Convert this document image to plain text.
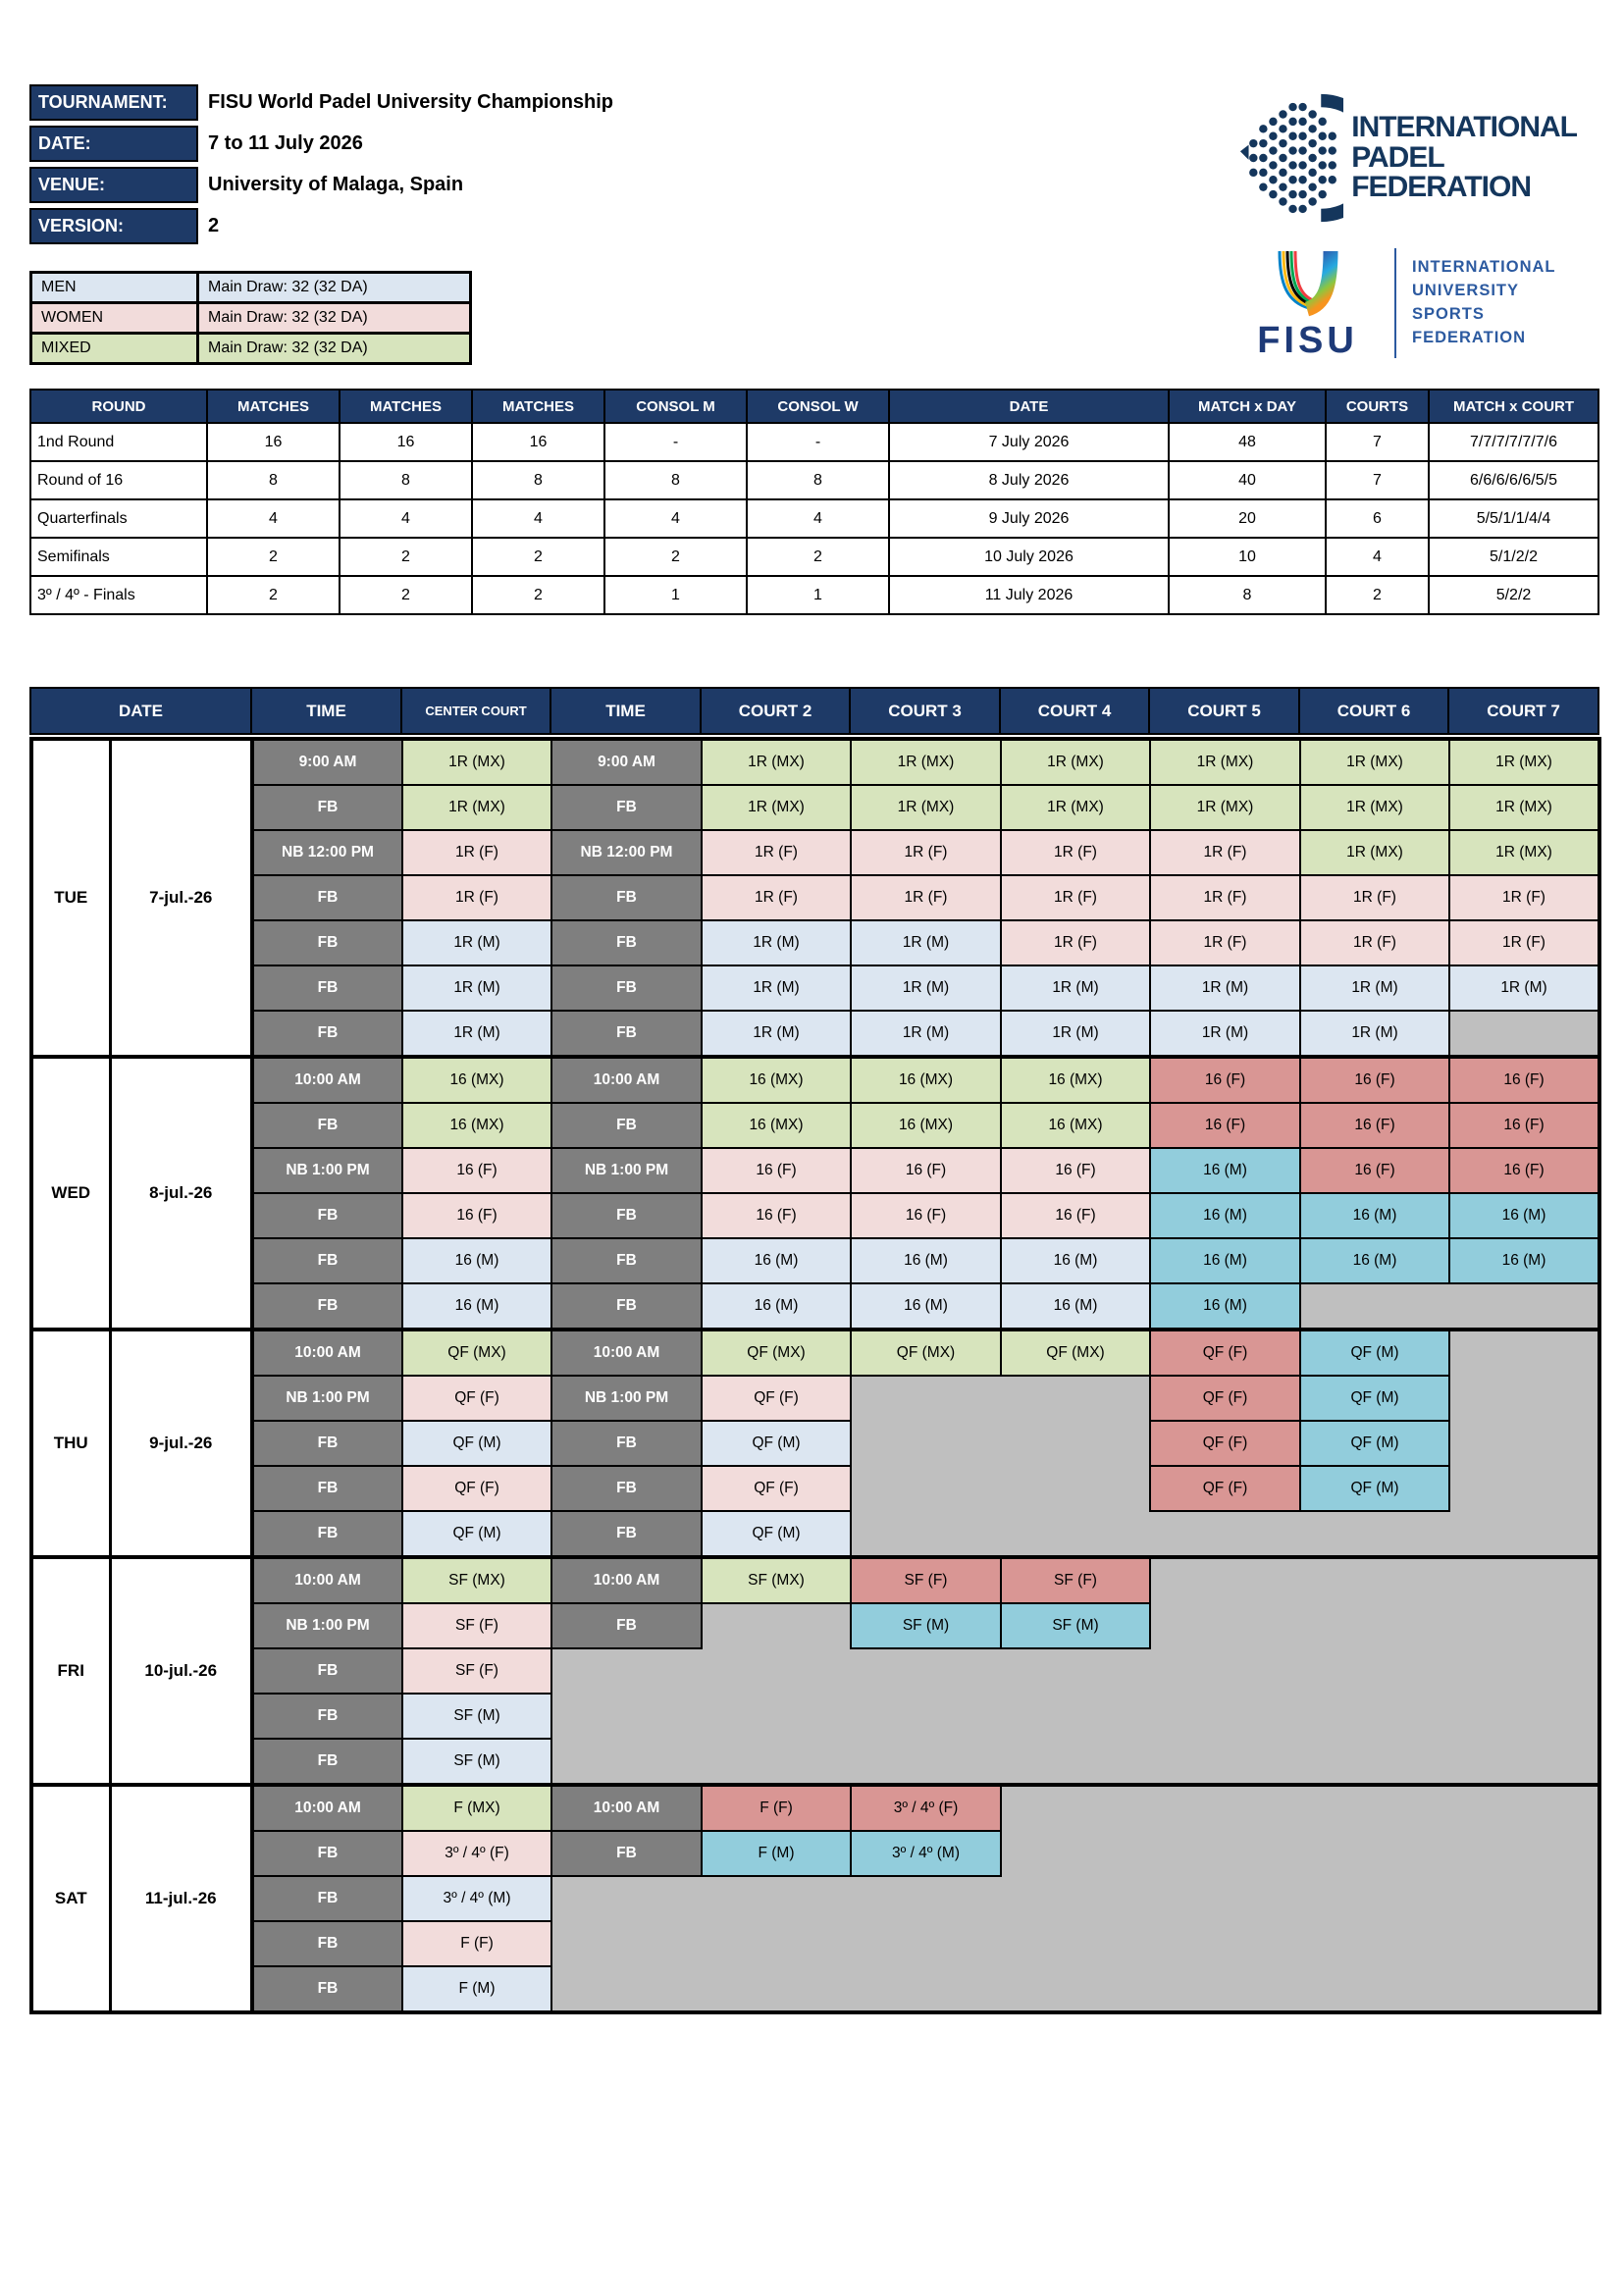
TOURNAMENT:	FISU World Padel University Championship
DATE:	7 to 11 July 2026
VENUE:	University of Malaga, Spain
VERSION:	2
INTERNATIONAL
PADEL
FEDERATION
FISU
INTERNATIONAL
UNIVERSITY
SPORTS
FEDERATION
MEN	Main Draw: 32 (32 DA)
WOMEN	Main Draw: 32 (32 DA)
MIXED	Main Draw: 32 (32 DA)
ROUND	MATCHES	MATCHES	MATCHES	CONSOL M	CONSOL W	DATE	MATCH x DAY	COURTS	MATCH x COURT
1nd Round	16	16	16	-	-	7 July 2026	48	7	7/7/7/7/7/7/6
Round of 16	8	8	8	8	8	8 July 2026	40	7	6/6/6/6/6/5/5
Quarterfinals	4	4	4	4	4	9 July 2026	20	6	5/5/1/1/4/4
Semifinals	2	2	2	2	2	10 July 2026	10	4	5/1/2/2
3º / 4º - Finals	2	2	2	1	1	11 July 2026	8	2	5/2/2
DATE	TIME	CENTER COURT	TIME	COURT 2	COURT 3	COURT 4	COURT 5	COURT 6	COURT 7
TUE	7-jul.-26	9:00 AM	1R (MX)	9:00 AM	1R (MX)	1R (MX)	1R (MX)	1R (MX)	1R (MX)	1R (MX)
		FB	1R (MX)	FB	1R (MX)	1R (MX)	1R (MX)	1R (MX)	1R (MX)	1R (MX)
		NB 12:00 PM	1R (F)	NB 12:00 PM	1R (F)	1R (F)	1R (F)	1R (F)	1R (MX)	1R (MX)
		FB	1R (F)	FB	1R (F)	1R (F)	1R (F)	1R (F)	1R (F)	1R (F)
		FB	1R (M)	FB	1R (M)	1R (M)	1R (F)	1R (F)	1R (F)	1R (F)
		FB	1R (M)	FB	1R (M)	1R (M)	1R (M)	1R (M)	1R (M)	1R (M)
		FB	1R (M)	FB	1R (M)	1R (M)	1R (M)	1R (M)	1R (M)	
WED	8-jul.-26	10:00 AM	16 (MX)	10:00 AM	16 (MX)	16 (MX)	16 (MX)	16 (F)	16 (F)	16 (F)
		FB	16 (MX)	FB	16 (MX)	16 (MX)	16 (MX)	16 (F)	16 (F)	16 (F)
		NB 1:00 PM	16 (F)	NB 1:00 PM	16 (F)	16 (F)	16 (F)	16 (M)	16 (F)	16 (F)
		FB	16 (F)	FB	16 (F)	16 (F)	16 (F)	16 (M)	16 (M)	16 (M)
		FB	16 (M)	FB	16 (M)	16 (M)	16 (M)	16 (M)	16 (M)	16 (M)
		FB	16 (M)	FB	16 (M)	16 (M)	16 (M)	16 (M)		
THU	9-jul.-26	10:00 AM	QF (MX)	10:00 AM	QF (MX)	QF (MX)	QF (MX)	QF (F)	QF (M)	
		NB 1:00 PM	QF (F)	NB 1:00 PM	QF (F)			QF (F)	QF (M)	
		FB	QF (M)	FB	QF (M)			QF (F)	QF (M)	
		FB	QF (F)	FB	QF (F)			QF (F)	QF (M)	
		FB	QF (M)	FB	QF (M)					
FRI	10-jul.-26	10:00 AM	SF (MX)	10:00 AM	SF (MX)	SF (F)	SF (F)			
		NB 1:00 PM	SF (F)	FB		SF (M)	SF (M)			
		FB	SF (F)							
		FB	SF (M)							
		FB	SF (M)							
SAT	11-jul.-26	10:00 AM	F (MX)	10:00 AM	F (F)	3º / 4º (F)				
		FB	3º / 4º (F)	FB	F (M)	3º / 4º (M)				
		FB	3º / 4º (M)							
		FB	F (F)							
		FB	F (M)							
